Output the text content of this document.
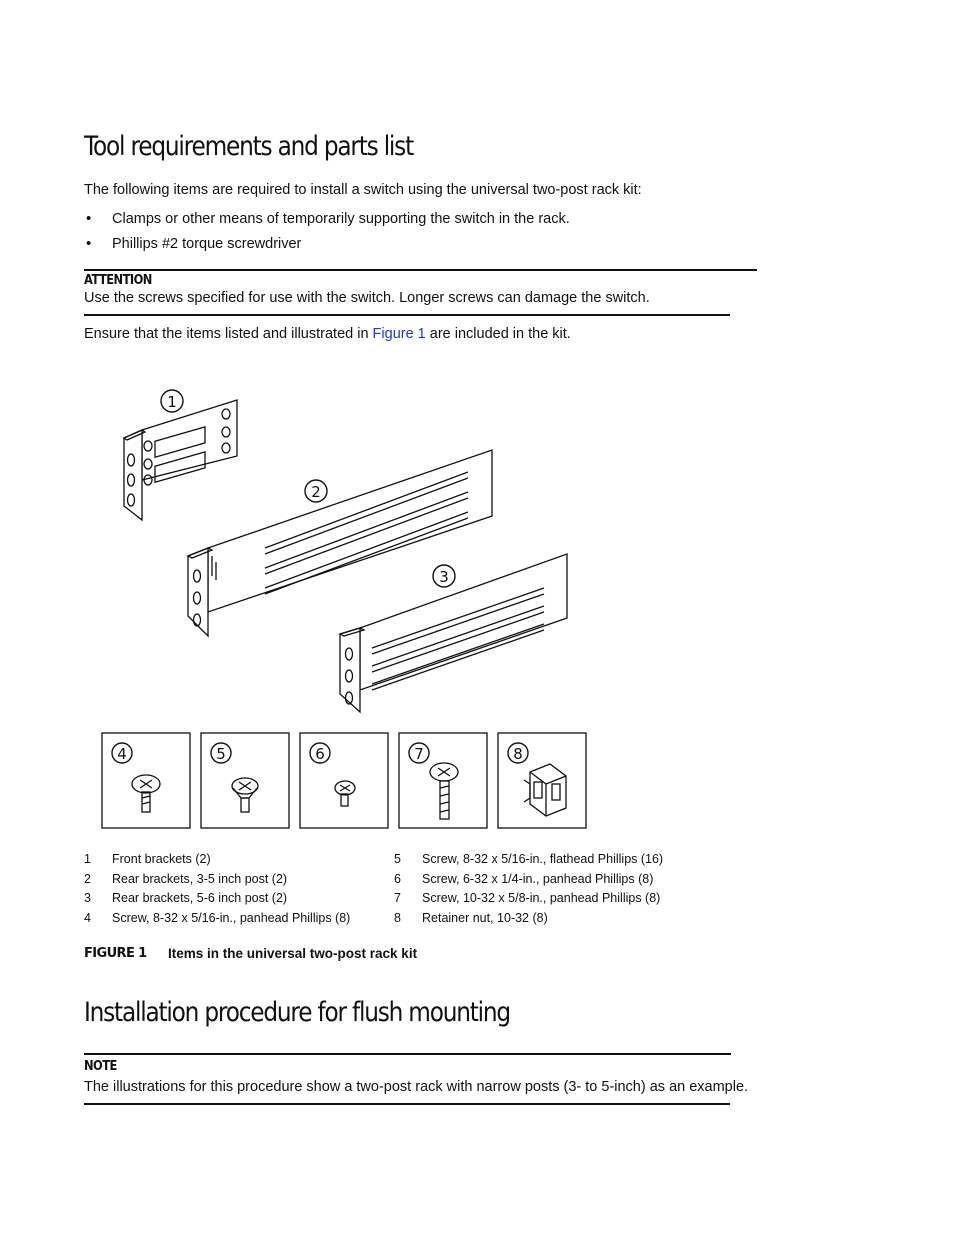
Tool requirements and parts list

The following items are required to install a switch using the universal two-post rack kit:

• Clamps or other means of temporarily supporting the switch in the rack.
• Phillips #2 torque screwdriver
ATTENTION

Use the screws specified for use with the switch. Longer screws can damage the switch.

Ensure that the items listed and illustrated in Figure 1 are included in the kit.

1
2
3
4	5	6	7	8
1	Front brackets (2)
2	Rear brackets, 3-5 inch post (2)
3	Rear brackets, 5-6 inch post (2)
4	Screw, 8-32 x 5/16-in., panhead Phillips (8)
5	Screw, 8-32 x 5/16-in., flathead Phillips (16)
6	Screw, 6-32 x 1/4-in., panhead Phillips (8)
7	Screw, 10-32 x 5/8-in., panhead Phillips (8)
8	Retainer nut, 10-32 (8)
FIGURE 1	Items in the universal two-post rack kit
Installation procedure for flush mounting
NOTE

The illustrations for this procedure show a two-post rack with narrow posts (3- to 5-inch) as an example.
